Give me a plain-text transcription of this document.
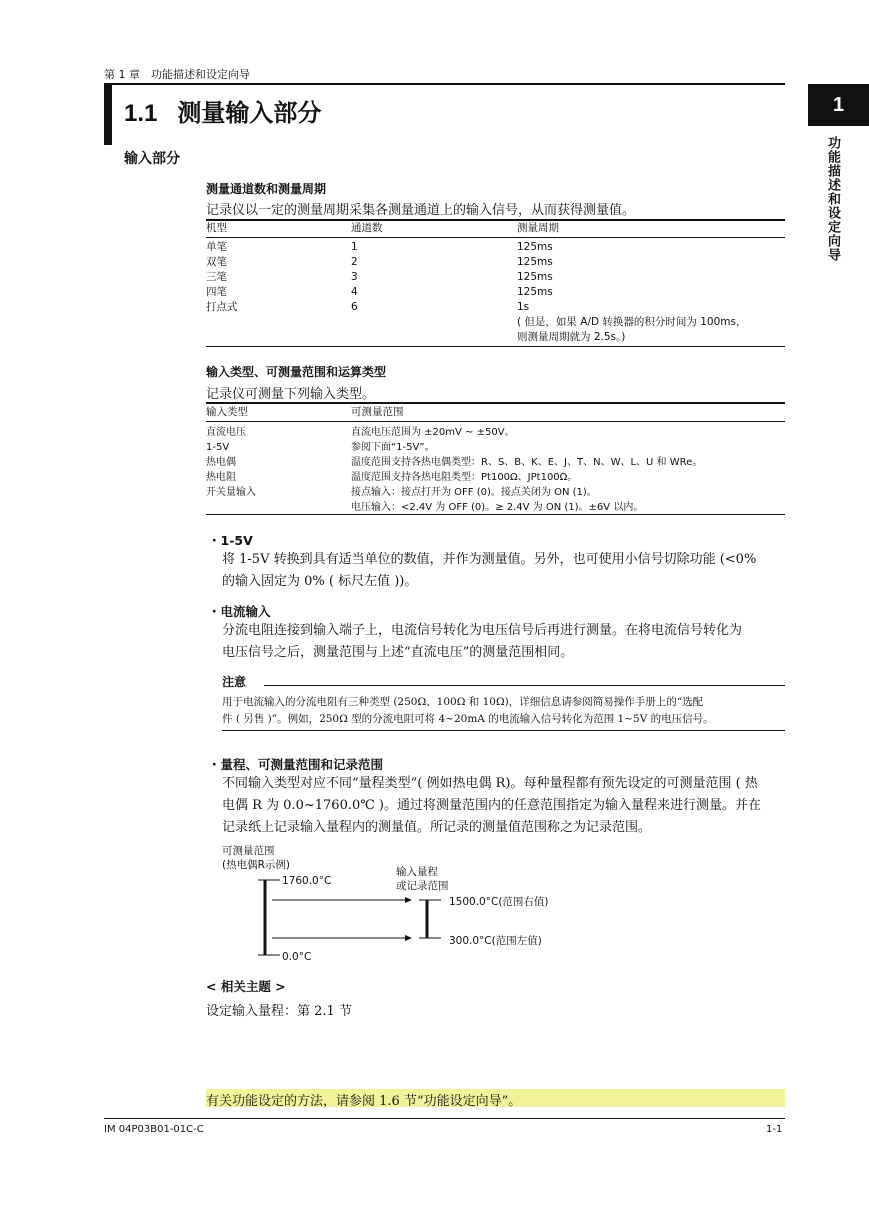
第 1 章　功能描述和设定向导
1.1 测量输入部分	1
功能描述和设定向导
输入部分
测量通道数和测量周期
记录仪以一定的测量周期采集各测量通道上的输入信号，从而获得测量值。
机型	通道数	测量周期
单笔	1	125ms
双笔	2	125ms
三笔	3	125ms
四笔	4	125ms
打点式	6	1s
( 但是，如果 A/D 转换器的积分时间为 100ms，
则测量周期就为 2.5s。)
输入类型、可测量范围和运算类型
记录仪可测量下列输入类型。
输入类型	可测量范围
直流电压	直流电压范围为 ±20mV ~ ±50V。
1-5V	参阅下面“1-5V”。
热电偶	温度范围支持各热电偶类型：R、S、B、K、E、J、T、N、W、L、U 和 WRe。
热电阻	温度范围支持各热电阻类型：Pt100Ω、JPt100Ω。
开关量输入	接点输入：接点打开为 OFF (0)。接点关闭为 ON (1)。
电压输入：<2.4V 为 OFF (0)。≥ 2.4V 为 ON (1)。±6V 以内。
・1-5V
将 1-5V 转换到具有适当单位的数值，并作为测量值。另外，也可使用小信号切除功能 (<0%
的输入固定为 0% ( 标尺左值 ))。
・电流输入
分流电阻连接到输入端子上，电流信号转化为电压信号后再进行测量。在将电流信号转化为
电压信号之后，测量范围与上述“直流电压”的测量范围相同。
注意
用于电流输入的分流电阻有三种类型 (250Ω、100Ω 和 10Ω)，详细信息请参阅简易操作手册上的“选配
件 ( 另售 )”。例如，250Ω 型的分流电阻可将 4~20mA 的电流输入信号转化为范围 1~5V 的电压信号。
・量程、可测量范围和记录范围
不同输入类型对应不同“量程类型”( 例如热电偶 R)。每种量程都有预先设定的可测量范围 ( 热
电偶 R 为 0.0~1760.0℃ )。通过将测量范围内的任意范围指定为输入量程来进行测量。并在
记录纸上记录输入量程内的测量值。所记录的测量值范围称之为记录范围。
可测量范围
(热电偶R示例)
1760.0°C
0.0°C
输入量程
或记录范围
1500.0°C(范围右值)
300.0°C(范围左值)
< 相关主题 >
设定输入量程：第 2.1 节
有关功能设定的方法，请参阅 1.6 节“功能设定向导”。
IM 04P03B01-01C-C	1-1
